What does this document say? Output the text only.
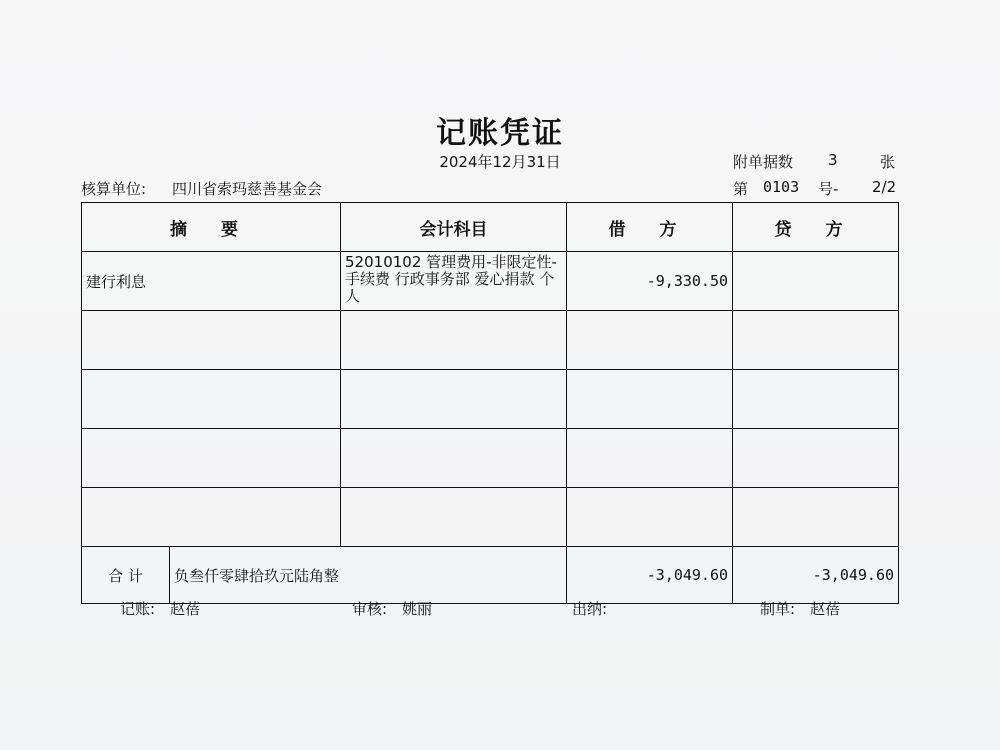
记账凭证
2024年12月31日	附单据数 3	张
核算单位: 四川省索玛慈善基金会	第 0103 号- 2/2
摘 要		会计科目	借 方	贷 方
建行利息		52010102 管理费用-非限定性-手续费 行政事务部 爱心捐款 个人	-9,330.50	

合 计	负叁仟零肆拾玖元陆角整		-3,049.60	-3,049.60
记账: 赵蓓	审核: 姚丽	出纳:	制单: 赵蓓
